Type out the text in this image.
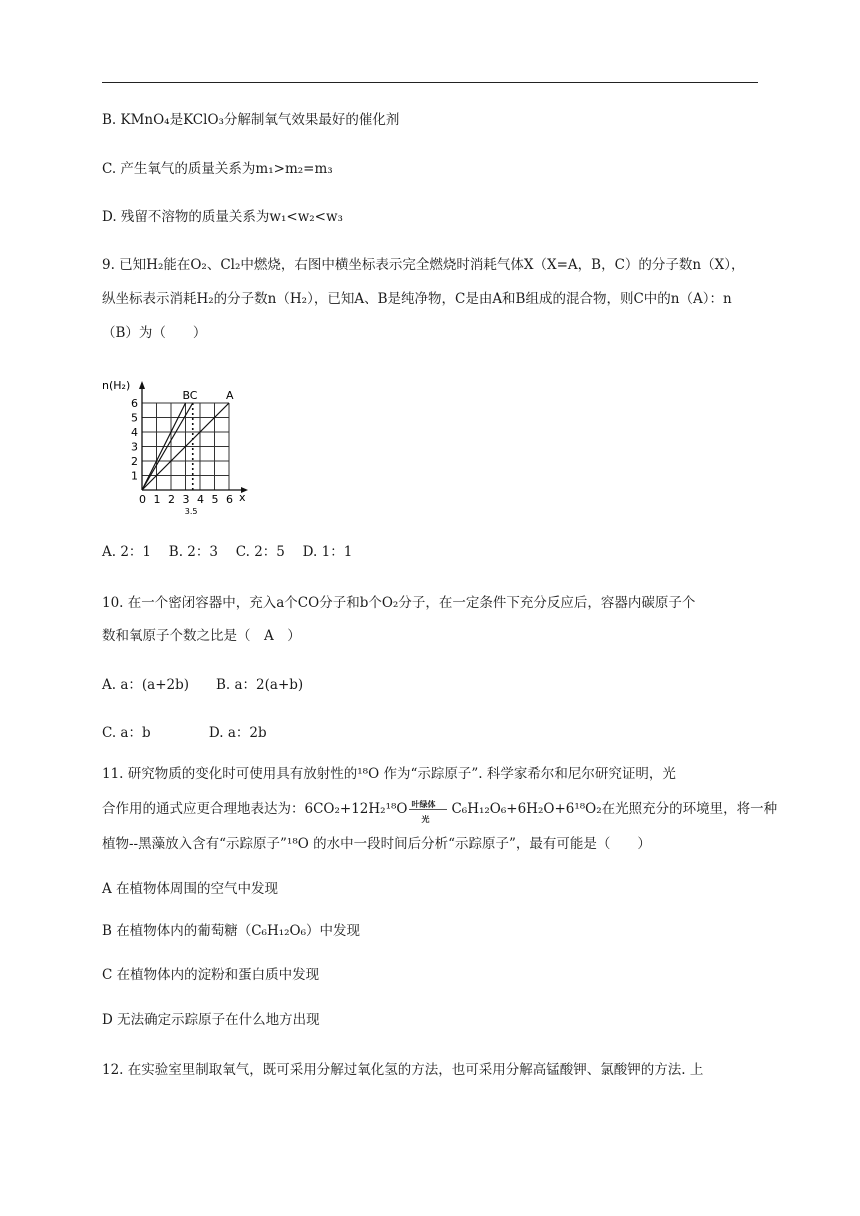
B. KMnO₄是KClO₃分解制氧气效果最好的催化剂
C. 产生氧气的质量关系为m₁>m₂=m₃
D. 残留不溶物的质量关系为w₁<w₂<w₃
9. 已知H₂能在O₂、Cl₂中燃烧，右图中横坐标表示完全燃烧时消耗气体X（X=A，B，C）的分子数n（X），
纵坐标表示消耗H₂的分子数n（H₂），已知A、B是纯净物，C是由A和B组成的混合物，则C中的n（A）：n
（B）为（　　）
A
B C
0 1 2 3 4 5 6
1
2
3
4
5
6
3.5
n(H₂)
x
A. 2：1　 B. 2：3　 C. 2：5　 D. 1：1
10. 在一个密闭容器中，充入a个CO分子和b个O₂分子，在一定条件下充分反应后，容器内碳原子个
数和氧原子个数之比是（　A　）
A. a：(a+2b)　　B. a：2(a+b)
C. a：b　　　　 D. a：2b
11. 研究物质的变化时可使用具有放射性的¹⁸O 作为“示踪原子”. 科学家希尔和尼尔研究证明，光
合作用的通式应更合理地表达为：6CO₂+12H₂¹⁸O 叶绿体
光
C₆H₁₂O₆+6H₂O+6¹⁸O₂在光照充分的环境里，将一种
植物--黑藻放入含有“示踪原子”¹⁸O 的水中一段时间后分析“示踪原子”，最有可能是（　　）
A 在植物体周围的空气中发现
B 在植物体内的葡萄糖（C₆H₁₂O₆）中发现
C 在植物体内的淀粉和蛋白质中发现
D 无法确定示踪原子在什么地方出现
12. 在实验室里制取氧气，既可采用分解过氧化氢的方法，也可采用分解高锰酸钾、氯酸钾的方法. 上
